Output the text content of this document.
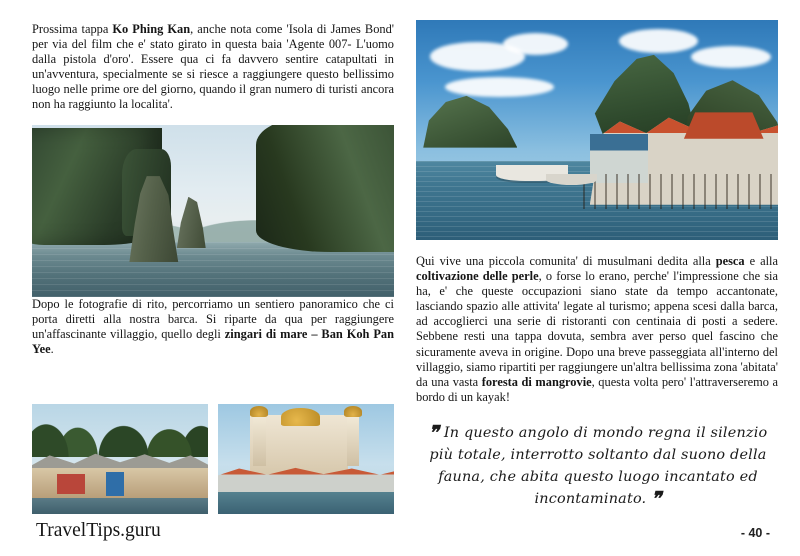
Prossima tappa Ko Phing Kan, anche nota come 'Isola di James Bond' per via del film che e' stato girato in questa baia 'Agente 007- L'uomo dalla pistola d'oro'. Essere qua ci fa davvero sentire catapultati in un'avventura, specialmente se si riesce a raggiungere questo bellissimo luogo nelle prime ore del giorno, quando il gran numero di turisti ancora non ha raggiunto la localita'.

Dopo le fotografie di rito, percorriamo un sentiero panoramico che ci porta diretti alla nostra barca. Si riparte da qua per raggiungere un'affascinante villaggio, quello degli zingari di mare – Ban Koh Pan Yee.

Qui vive una piccola comunita' di musulmani dedita alla pesca e alla coltivazione delle perle, o forse lo erano, perche' l'impressione che sia ha, e' che queste occupazioni siano state da tempo accantonate, lasciando spazio alle attivita' legate al turismo; appena scesi dalla barca, ad accoglierci una serie di ristoranti con centinaia di posti a sedere. Sebbene resti una tappa dovuta, sembra aver perso quel fascino che sicuramente aveva in origine. Dopo una breve passeggiata all'interno del villaggio, siamo ripartiti per raggiungere un'altra bellissima zona 'abitata' da una vasta foresta di mangrovie, questa volta pero' l'attraverseremo a bordo di un kayak!

❞ In questo angolo di mondo regna il silenzio più totale, interrotto soltanto dal suono della fauna, che abita questo luogo incantato ed incontaminato. ❞
TravelTips.guru	- 40 -
